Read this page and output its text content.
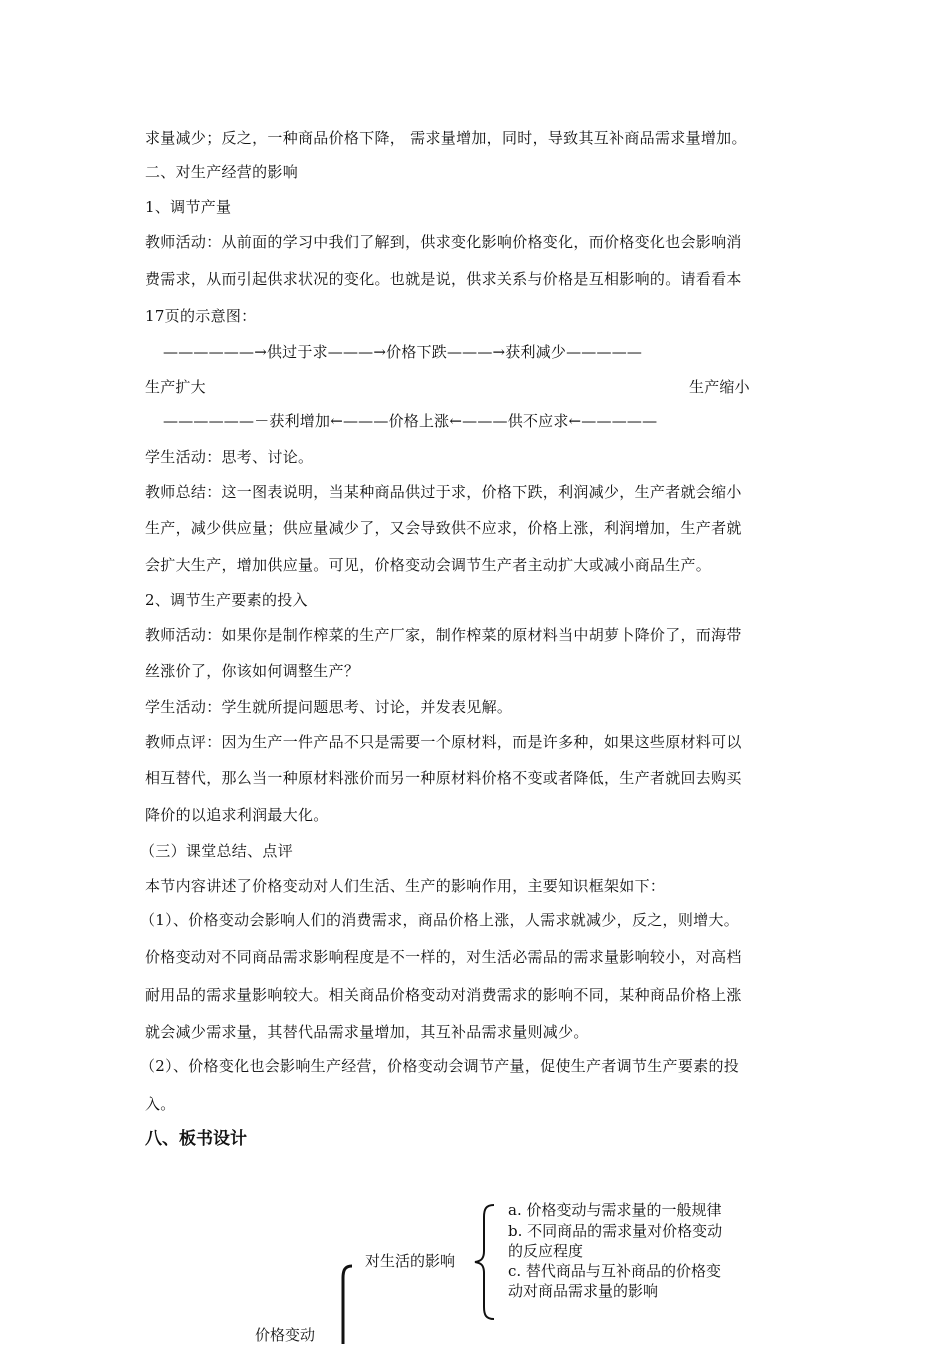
求量减少；反之，一种商品价格下降， 需求量增加，同时，导致其互补商品需求量增加。
二、对生产经营的影响
1、调节产量
教师活动：从前面的学习中我们了解到，供求变化影响价格变化，而价格变化也会影响消
费需求，从而引起供求状况的变化。也就是说，供求关系与价格是互相影响的。请看看本
17页的示意图：
——————→供过于求———→价格下跌———→获利减少—————
生产扩大	生产缩小
——————－获利增加←———价格上涨←———供不应求←—————
学生活动：思考、讨论。
教师总结：这一图表说明，当某种商品供过于求，价格下跌，利润减少，生产者就会缩小
生产，减少供应量；供应量减少了，又会导致供不应求，价格上涨，利润增加，生产者就
会扩大生产，增加供应量。可见，价格变动会调节生产者主动扩大或减小商品生产。
2、调节生产要素的投入
教师活动：如果你是制作榨菜的生产厂家，制作榨菜的原材料当中胡萝卜降价了，而海带
丝涨价了，你该如何调整生产？
学生活动：学生就所提问题思考、讨论，并发表见解。
教师点评：因为生产一件产品不只是需要一个原材料，而是许多种，如果这些原材料可以
相互替代，那么当一种原材料涨价而另一种原材料价格不变或者降低，生产者就回去购买
降价的以追求利润最大化。
（三）课堂总结、点评
本节内容讲述了价格变动对人们生活、生产的影响作用，主要知识框架如下：
（1）、价格变动会影响人们的消费需求，商品价格上涨，人需求就减少，反之，则增大。
价格变动对不同商品需求影响程度是不一样的，对生活必需品的需求量影响较小，对高档
耐用品的需求量影响较大。相关商品价格变动对消费需求的影响不同，某种商品价格上涨
就会减少需求量，其替代品需求量增加，其互补品需求量则减少。
（2）、价格变化也会影响生产经营，价格变动会调节产量，促使生产者调节生产要素的投
入。
八、板书设计
对生活的影响
a. 价格变动与需求量的一般规律
b. 不同商品的需求量对价格变动
的反应程度
c. 替代商品与互补商品的价格变
动对商品需求量的影响
价格变动
